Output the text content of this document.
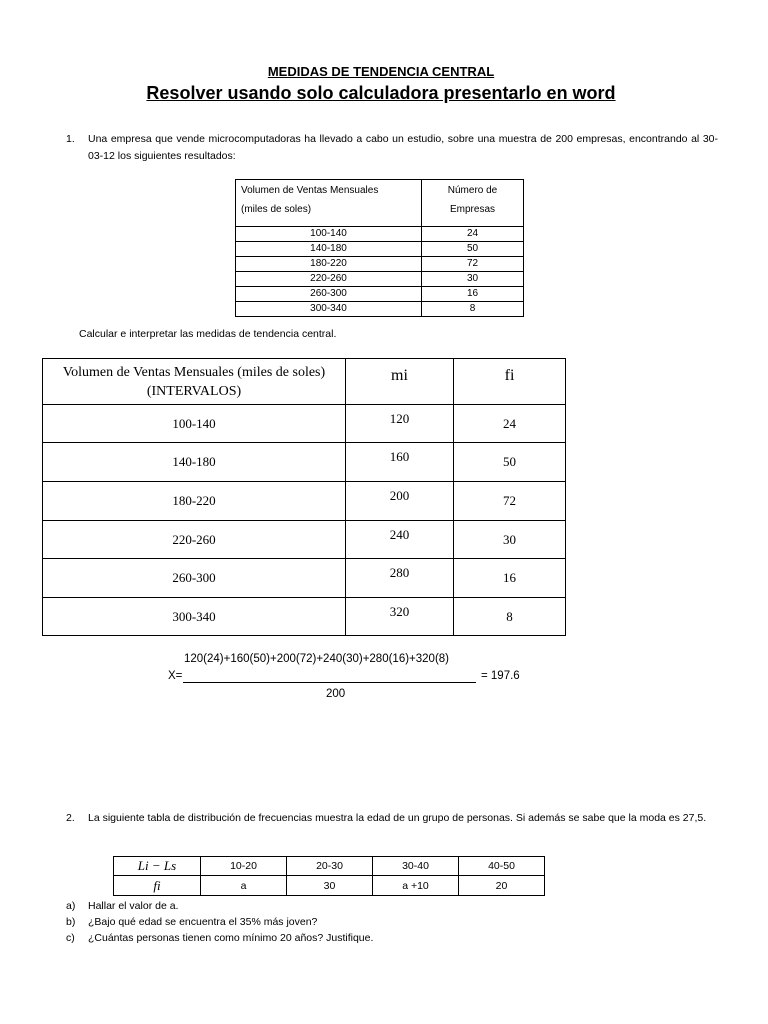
MEDIDAS DE TENDENCIA CENTRAL
Resolver usando solo calculadora presentarlo en word
1. Una empresa que vende microcomputadoras ha llevado a cabo un estudio, sobre una muestra de 200 empresas, encontrando al 30-03-12 los siguientes resultados:
Volumen de Ventas Mensuales
(miles de soles)	Número de
Empresas
100-140	24
140-180	50
180-220	72
220-260	30
260-300	16
300-340	8
Calcular e interpretar las medidas de tendencia central.
Volumen de Ventas Mensuales (miles de soles)
(INTERVALOS)	mi	fi
100-140	120	24
140-180	160	50
180-220	200	72
220-260	240	30
260-300	280	16
300-340	320	8
120(24)+160(50)+200(72)+240(30)+280(16)+320(8)
X=	= 197.6
200
2. La siguiente tabla de distribución de frecuencias muestra la edad de un grupo de personas. Si además se sabe que la moda es 27,5.
Li − Ls	10-20	20-30	30-40	40-50
fi	a	30	a +10	20
a) Hallar el valor de a.
b) ¿Bajo qué edad se encuentra el 35% más joven?
c) ¿Cuántas personas tienen como mínimo 20 años? Justifique.
